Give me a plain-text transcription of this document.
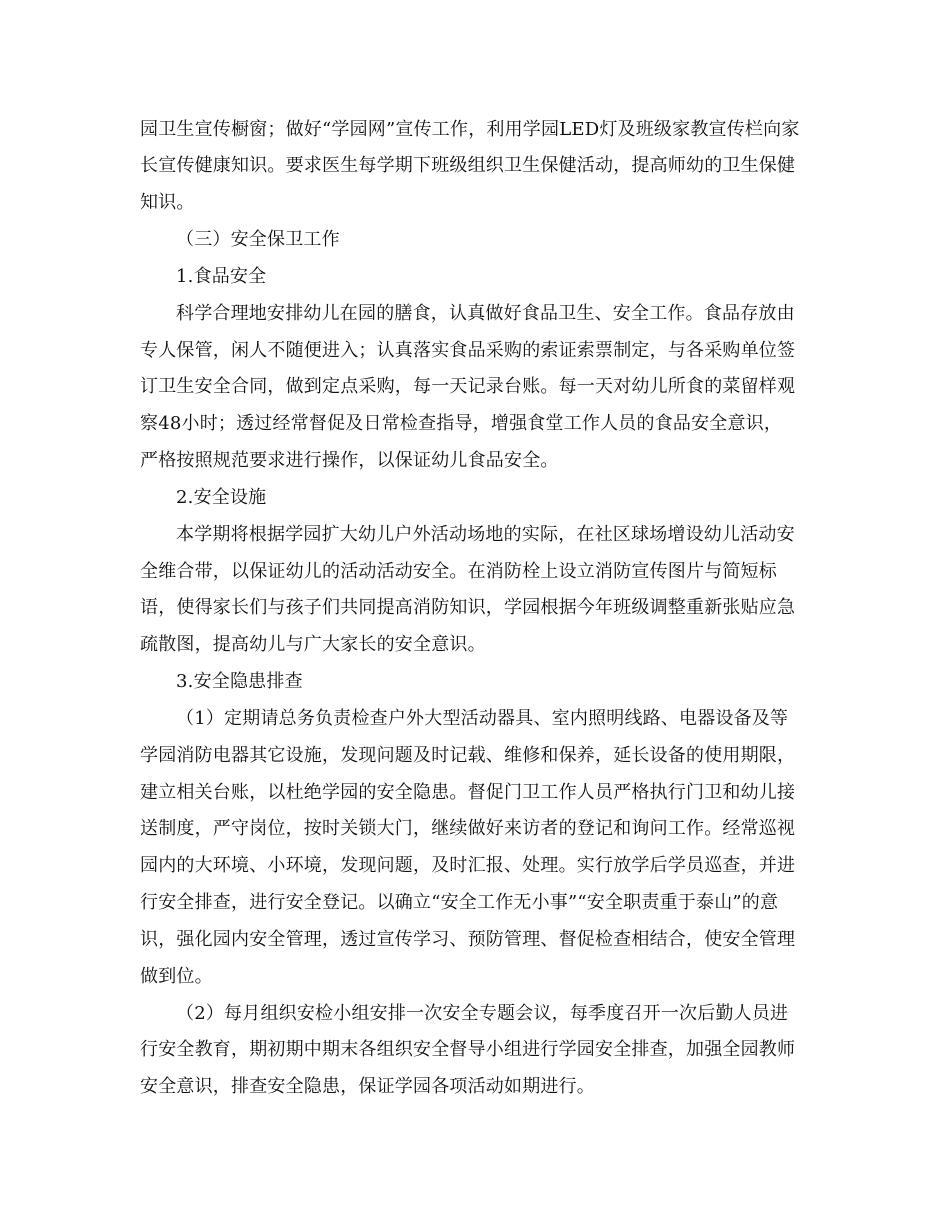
园卫生宣传橱窗；做好“学园网”宣传工作，利用学园LED灯及班级家教宣传栏向家
长宣传健康知识。要求医生每学期下班级组织卫生保健活动，提高师幼的卫生保健
知识。
（三）安全保卫工作
1.食品安全
科学合理地安排幼儿在园的膳食，认真做好食品卫生、安全工作。食品存放由
专人保管，闲人不随便进入；认真落实食品采购的索证索票制定，与各采购单位签
订卫生安全合同，做到定点采购，每一天记录台账。每一天对幼儿所食的菜留样观
察48小时；透过经常督促及日常检查指导，增强食堂工作人员的食品安全意识，
严格按照规范要求进行操作，以保证幼儿食品安全。
2.安全设施
本学期将根据学园扩大幼儿户外活动场地的实际，在社区球场增设幼儿活动安
全维合带，以保证幼儿的活动活动安全。在消防栓上设立消防宣传图片与简短标
语，使得家长们与孩子们共同提高消防知识，学园根据今年班级调整重新张贴应急
疏散图，提高幼儿与广大家长的安全意识。
3.安全隐患排查
（1）定期请总务负责检查户外大型活动器具、室内照明线路、电器设备及等
学园消防电器其它设施，发现问题及时记载、维修和保养，延长设备的使用期限，
建立相关台账，以杜绝学园的安全隐患。督促门卫工作人员严格执行门卫和幼儿接
送制度，严守岗位，按时关锁大门，继续做好来访者的登记和询问工作。经常巡视
园内的大环境、小环境，发现问题，及时汇报、处理。实行放学后学员巡查，并进
行安全排查，进行安全登记。以确立“安全工作无小事”“安全职责重于泰山”的意
识，强化园内安全管理，透过宣传学习、预防管理、督促检查相结合，使安全管理
做到位。
（2）每月组织安检小组安排一次安全专题会议，每季度召开一次后勤人员进
行安全教育，期初期中期末各组织安全督导小组进行学园安全排查，加强全园教师
安全意识，排查安全隐患，保证学园各项活动如期进行。
